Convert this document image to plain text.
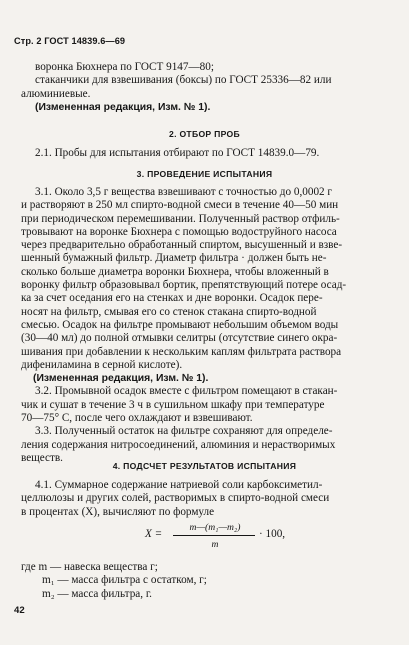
Стр. 2 ГОСТ 14839.6—69
воронка Бюхнера по ГОСТ 9147—80;
стаканчики для взвешивания (боксы) по ГОСТ 25336—82 или
алюминиевые.
(Измененная редакция, Изм. № 1).
2. ОТБОР ПРОБ
2.1. Пробы для испытания отбирают по ГОСТ 14839.0—79.
3. ПРОВЕДЕНИЕ ИСПЫТАНИЯ
3.1. Около 3,5 г вещества взвешивают с точностью до 0,0002 г
и растворяют в 250 мл спирто-водной смеси в течение 40—50 мин
при периодическом перемешивании. Полученный раствор отфиль-
тровывают на воронке Бюхнера с помощью водоструйного насоса
через предварительно обработанный спиртом, высушенный и взве-
шенный бумажный фильтр. Диаметр фильтра · должен быть не-
сколько больше диаметра воронки Бюхнера, чтобы вложенный в
воронку фильтр образовывал бортик, препятствующий потере осад-
ка за счет оседания его на стенках и дне воронки. Осадок пере-
носят на фильтр, смывая его со стенок стакана спирто-водной
смесью. Осадок на фильтре промывают небольшим объемом воды
(30—40 мл) до полной отмывки селитры (отсутствие синего окра-
шивания при добавлении к нескольким каплям фильтрата раствора
дифениламина в серной кислоте).
(Измененная редакция, Изм. № 1).
3.2. Промывной осадок вместе с фильтром помещают в стакан-
чик и сушат в течение 3 ч в сушильном шкафу при температуре
70—75° С, после чего охлаждают и взвешивают.
3.3. Полученный остаток на фильтре сохраняют для определе-
ления содержания нитросоединений, алюминия и нерастворимых
веществ.
4. ПОДСЧЕТ РЕЗУЛЬТАТОВ ИСПЫТАНИЯ
4.1. Суммарное содержание натриевой соли карбоксиметил-
целлюлозы и других солей, растворимых в спирто-водной смеси
в процентах (X), вычисляют по формуле
X =
m—(m₁—m₂)
m
· 100,
где m — навеска вещества г;
m₁ — масса фильтра с остатком, г;
m₂ — масса фильтра, г.
42
